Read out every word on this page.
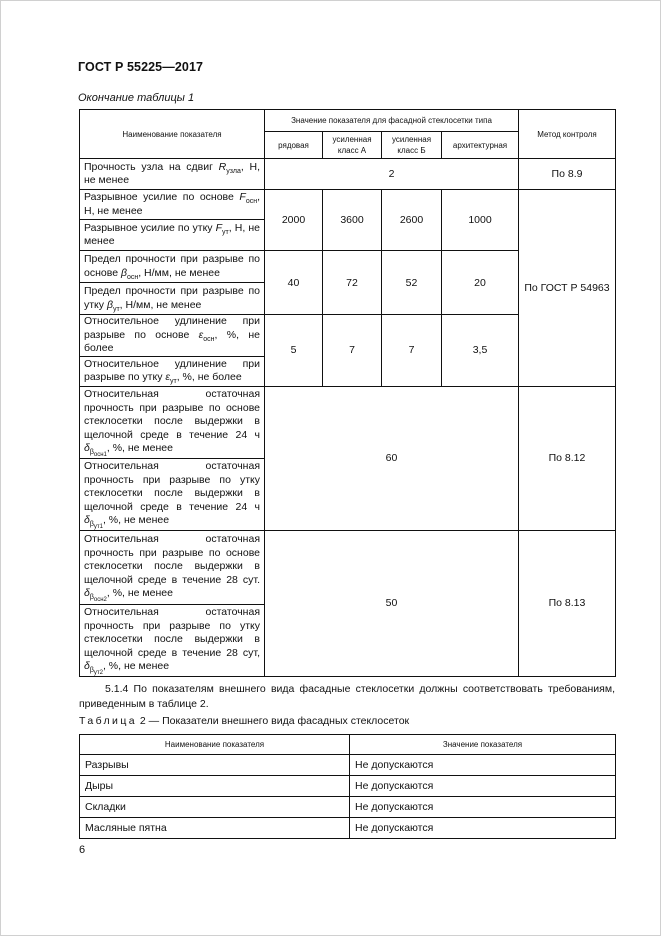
ГОСТ Р 55225—2017
Окончание таблицы 1
Наименование показателя	Значение показателя для фасадной стеклосетки типа				Метод контроля
	рядовая	усиленная класс А	усиленная класс Б	архитектурная	
Прочность узла на сдвиг $R_{узла}$, Н, не менее	2				По 8.9
Разрывное усилие по основе $F_{осн}$, Н, не менее	2000	3600	2600	1000	По ГОСТ Р 54963
Разрывное усилие по утку $F_{ут}$, Н, не менее					
Предел прочности при разрыве по основе $\beta_{осн}$, Н/мм, не менее	40	72	52	20	
Предел прочности при разрыве по утку $\beta_{ут}$, Н/мм, не менее					
Относительное удлинение при разрыве по основе $\varepsilon_{осн}$, %, не более	5	7	7	3,5	
Относительное удлинение при разрыве по утку $\varepsilon_{ут}$, %, не более					
Относительная остаточная прочность при разрыве по основе стеклосетки после выдержки в щелочной среде в течение 24 ч $\delta_{\beta_{осн1}}$, %, не менее	60				По 8.12
Относительная остаточная прочность при разрыве по утку стеклосетки после выдержки в щелочной среде в течение 24 ч $\delta_{\beta_{ут1}}$, %, не менее					
Относительная остаточная прочность при разрыве по основе стеклосетки после выдержки в щелочной среде в течение 28 сут. $\delta_{\beta_{осн2}}$, %, не менее	50				По 8.13
Относительная остаточная прочность при разрыве по утку стеклосетки после выдержки в щелочной среде в течение 28 сут, $\delta_{\beta_{ут2}}$, %, не менее					
5.1.4 По показателям внешнего вида фасадные стеклосетки должны соответствовать требованиям, приведенным в таблице 2.
Таблица 2 — Показатели внешнего вида фасадных стеклосеток
Наименование показателя	Значение показателя
Разрывы	Не допускаются
Дыры	Не допускаются
Складки	Не допускаются
Масляные пятна	Не допускаются
6
